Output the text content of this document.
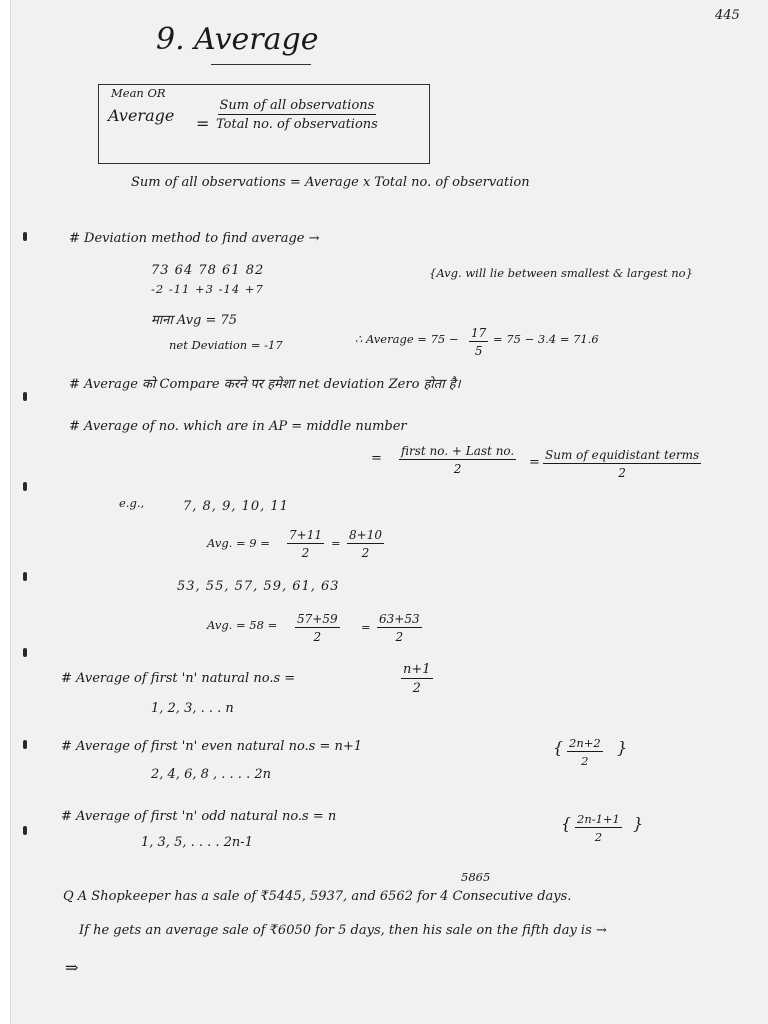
445
9. Average
Mean OR
Average =
Sum of all observations
Total no. of observations
Sum of all observations = Average x Total no. of observation
# Deviation method to find average →
73 64 78 61 82
-2 -11 +3 -14 +7
{Avg. will lie between smallest & largest no}
माना Avg = 75
net Deviation = -17	∴ Average = $75 - \frac{17}{5} = 75 - 3.4 = 71.6$
# Average को Compare करने पर हमेशा net deviation Zero होता है।
# Average of no. which are in AP = middle number
= first no. + Last no.
2	= Sum of equidistant terms
2
e.g.,	7, 8, 9, 10, 11
Avg. = $9 = \frac{7+11}{2} = \frac{8+10}{2}$
53, 55, 57, 59, 61, 63
Avg. = $58 = \frac{57+59}{2} = \frac{63+53}{2}$
# Average of first 'n' natural no.s =	$\frac{n+1}{2}$
1, 2, 3, . . . n
# Average of first 'n' even natural no.s = n+1
2, 4, 6, 8 , . . . . 2n
{ $\frac{2n+2}{2}$ }
# Average of first 'n' odd natural no.s = n
1, 3, 5, . . . . 2n-1
{ $\frac{2n-1+1}{2}$ }
5865
Q A Shopkeeper has a sale of ₹5445, 5937, and 6562 for 4 Consecutive days.
If he gets an average sale of ₹6050 for 5 days, then his sale on the fifth day is →
⇒
